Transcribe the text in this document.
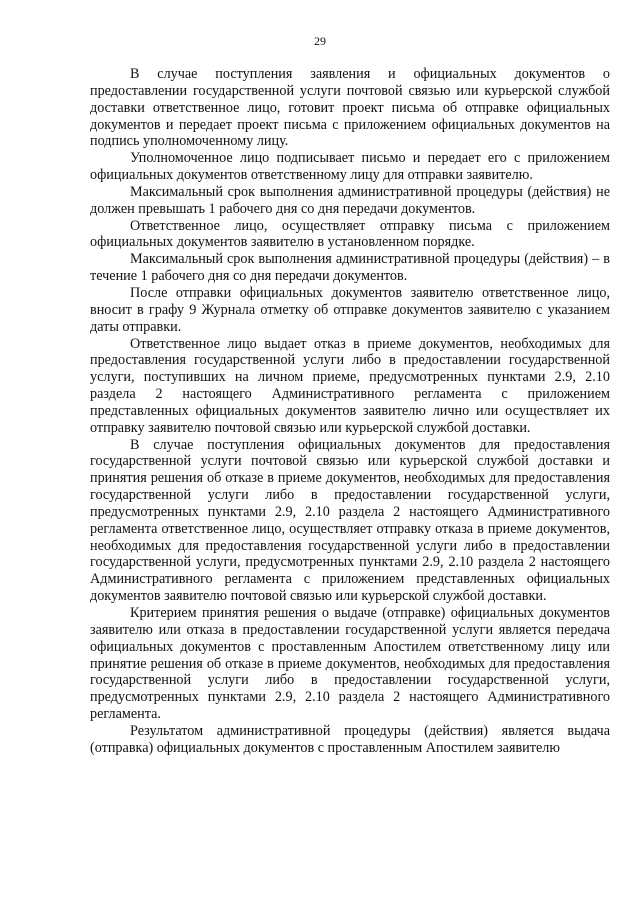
29

В случае поступления заявления и официальных документов о предоставлении государственной услуги почтовой связью или курьерской службой доставки ответственное лицо, готовит проект письма об отправке официальных документов и передает проект письма с приложением официальных документов на подпись уполномоченному лицу.

Уполномоченное лицо подписывает письмо и передает его с приложением официальных документов ответственному лицу для отправки заявителю.

Максимальный срок выполнения административной процедуры (действия) не должен превышать 1 рабочего дня со дня передачи документов.

Ответственное лицо, осуществляет отправку письма с приложением официальных документов заявителю в установленном порядке.

Максимальный срок выполнения административной процедуры (действия) – в течение 1 рабочего дня со дня передачи документов.

После отправки официальных документов заявителю ответственное лицо, вносит в графу 9 Журнала отметку об отправке документов заявителю с указанием даты отправки.

Ответственное лицо выдает отказ в приеме документов, необходимых для предоставления государственной услуги либо в предоставлении государственной услуги, поступивших на личном приеме, предусмотренных пунктами 2.9, 2.10 раздела 2 настоящего Административного регламента с приложением представленных официальных документов заявителю лично или осуществляет их отправку заявителю почтовой связью или курьерской службой доставки.

В случае поступления официальных документов для предоставления государственной услуги почтовой связью или курьерской службой доставки и принятия решения об отказе в приеме документов, необходимых для предоставления государственной услуги либо в предоставлении государственной услуги, предусмотренных пунктами 2.9, 2.10 раздела 2 настоящего Административного регламента ответственное лицо, осуществляет отправку отказа в приеме документов, необходимых для предоставления государственной услуги либо в предоставлении государственной услуги, предусмотренных пунктами 2.9, 2.10 раздела 2 настоящего Административного регламента с приложением представленных официальных документов заявителю почтовой связью или курьерской службой доставки.

Критерием принятия решения о выдаче (отправке) официальных документов заявителю или отказа в предоставлении государственной услуги является передача официальных документов с проставленным Апостилем ответственному лицу или принятие решения об отказе в приеме документов, необходимых для предоставления государственной услуги либо в предоставлении государственной услуги, предусмотренных пунктами 2.9, 2.10 раздела 2 настоящего Административного регламента.

Результатом административной процедуры (действия) является выдача (отправка) официальных документов с проставленным Апостилем заявителю
